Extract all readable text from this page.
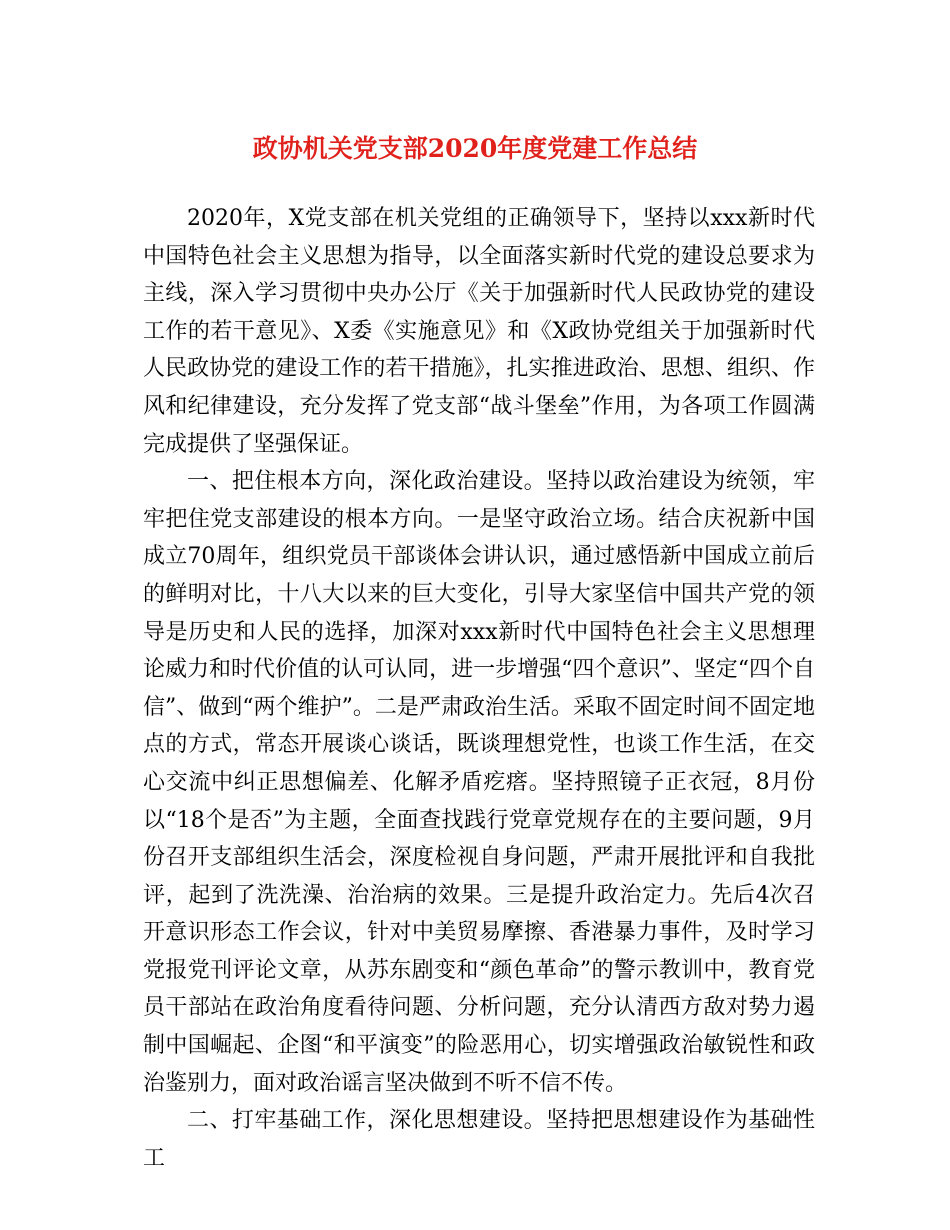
政协机关党支部2020年度党建工作总结

2020年，X党支部在机关党组的正确领导下，坚持以xxx新时代中国特色社会主义思想为指导，以全面落实新时代党的建设总要求为主线，深入学习贯彻中央办公厅《关于加强新时代人民政协党的建设工作的若干意见》、X委《实施意见》和《X政协党组关于加强新时代人民政协党的建设工作的若干措施》，扎实推进政治、思想、组织、作风和纪律建设，充分发挥了党支部“战斗堡垒”作用，为各项工作圆满完成提供了坚强保证。

一、把住根本方向，深化政治建设。坚持以政治建设为统领，牢牢把住党支部建设的根本方向。一是坚守政治立场。结合庆祝新中国成立70周年，组织党员干部谈体会讲认识，通过感悟新中国成立前后的鲜明对比，十八大以来的巨大变化，引导大家坚信中国共产党的领导是历史和人民的选择，加深对xxx新时代中国特色社会主义思想理论威力和时代价值的认可认同，进一步增强“四个意识”、坚定“四个自信”、做到“两个维护”。二是严肃政治生活。采取不固定时间不固定地点的方式，常态开展谈心谈话，既谈理想党性，也谈工作生活，在交心交流中纠正思想偏差、化解矛盾疙瘩。坚持照镜子正衣冠，8月份以“18个是否”为主题，全面查找践行党章党规存在的主要问题，9月份召开支部组织生活会，深度检视自身问题，严肃开展批评和自我批评，起到了洗洗澡、治治病的效果。三是提升政治定力。先后4次召开意识形态工作会议，针对中美贸易摩擦、香港暴力事件，及时学习党报党刊评论文章，从苏东剧变和“颜色革命”的警示教训中，教育党员干部站在政治角度看待问题、分析问题，充分认清西方敌对势力遏制中国崛起、企图“和平演变”的险恶用心，切实增强政治敏锐性和政治鉴别力，面对政治谣言坚决做到不听不信不传。

二、打牢基础工作，深化思想建设。坚持把思想建设作为基础性工
